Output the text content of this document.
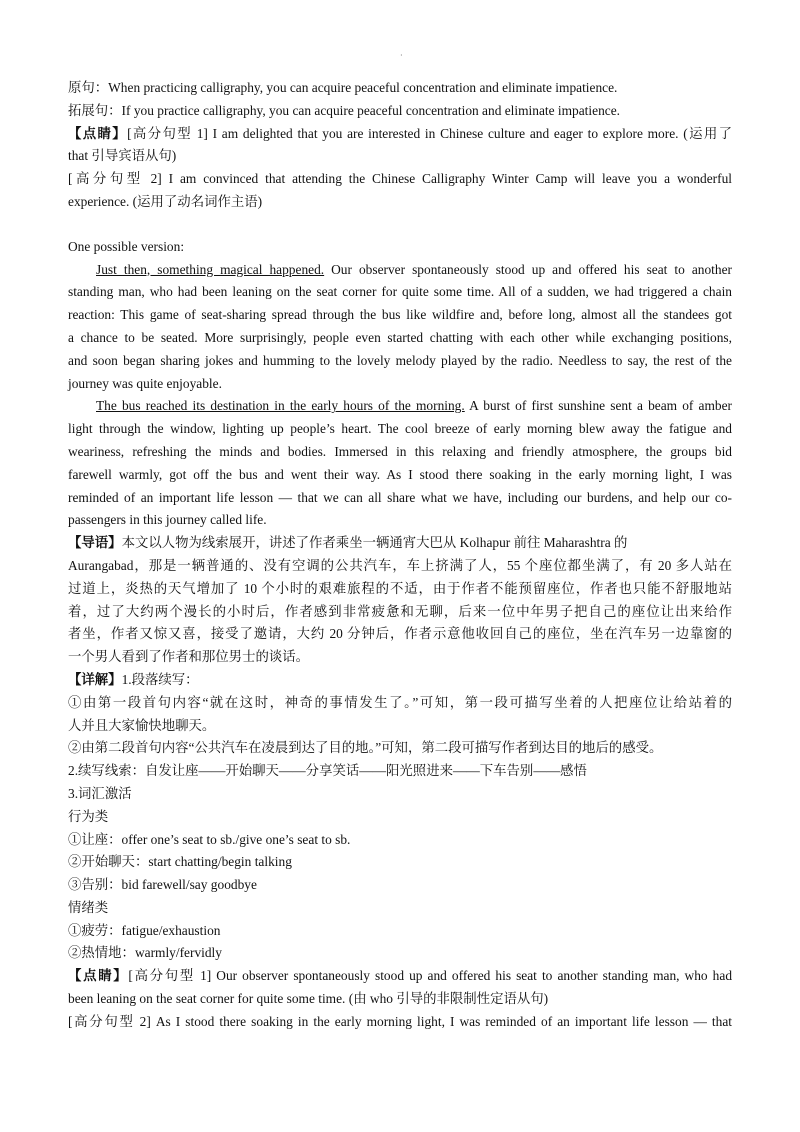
·
原句：When practicing calligraphy, you can acquire peaceful concentration and eliminate impatience.
拓展句：If you practice calligraphy, you can acquire peaceful concentration and eliminate impatience.
【点睛】[高分句型 1] I am delighted that you are interested in Chinese culture and eager to explore more. (运用了
that 引导宾语从句)
[高分句型 2] I am convinced that attending the Chinese Calligraphy Winter Camp will leave you a wonderful
experience. (运用了动名词作主语)
One possible version:
Just then, something magical happened. Our observer spontaneously stood up and offered his seat to another
standing man, who had been leaning on the seat corner for quite some time. All of a sudden, we had triggered a chain
reaction: This game of seat-sharing spread through the bus like wildfire and, before long, almost all the standees got
a chance to be seated. More surprisingly, people even started chatting with each other while exchanging positions,
and soon began sharing jokes and humming to the lovely melody played by the radio. Needless to say, the rest of the
journey was quite enjoyable.
The bus reached its destination in the early hours of the morning. A burst of first sunshine sent a beam of amber
light through the window, lighting up people’s heart. The cool breeze of early morning blew away the fatigue and
weariness, refreshing the minds and bodies. Immersed in this relaxing and friendly atmosphere, the groups bid
farewell warmly, got off the bus and went their way. As I stood there soaking in the early morning light, I was
reminded of an important life lesson — that we can all share what we have, including our burdens, and help our co-
passengers in this journey called life.
【导语】本文以人物为线索展开，讲述了作者乘坐一辆通宵大巴从 Kolhapur 前往 Maharashtra 的
Aurangabad，那是一辆普通的、没有空调的公共汽车，车上挤满了人，55 个座位都坐满了，有 20 多人站在
过道上，炎热的天气增加了 10 个小时的艰难旅程的不适，由于作者不能预留座位，作者也只能不舒服地站
着，过了大约两个漫长的小时后，作者感到非常疲惫和无聊，后来一位中年男子把自己的座位让出来给作
者坐，作者又惊又喜，接受了邀请，大约 20 分钟后，作者示意他收回自己的座位，坐在汽车另一边靠窗的
一个男人看到了作者和那位男士的谈话。
【详解】1.段落续写：
①由第一段首句内容“就在这时，神奇的事情发生了。”可知，第一段可描写坐着的人把座位让给站着的
人并且大家愉快地聊天。
②由第二段首句内容“公共汽车在凌晨到达了目的地。”可知，第二段可描写作者到达目的地后的感受。
2.续写线索：自发让座——开始聊天——分享笑话——阳光照进来——下车告别——感悟
3.词汇激活
行为类
①让座：offer one’s seat to sb./give one’s seat to sb.
②开始聊天：start chatting/begin talking
③告别：bid farewell/say goodbye
情绪类
①疲劳：fatigue/exhaustion
②热情地：warmly/fervidly
【点睛】[高分句型 1] Our observer spontaneously stood up and offered his seat to another standing man, who had
been leaning on the seat corner for quite some time. (由 who 引导的非限制性定语从句)
[高分句型 2] As I stood there soaking in the early morning light, I was reminded of an important life lesson — that
